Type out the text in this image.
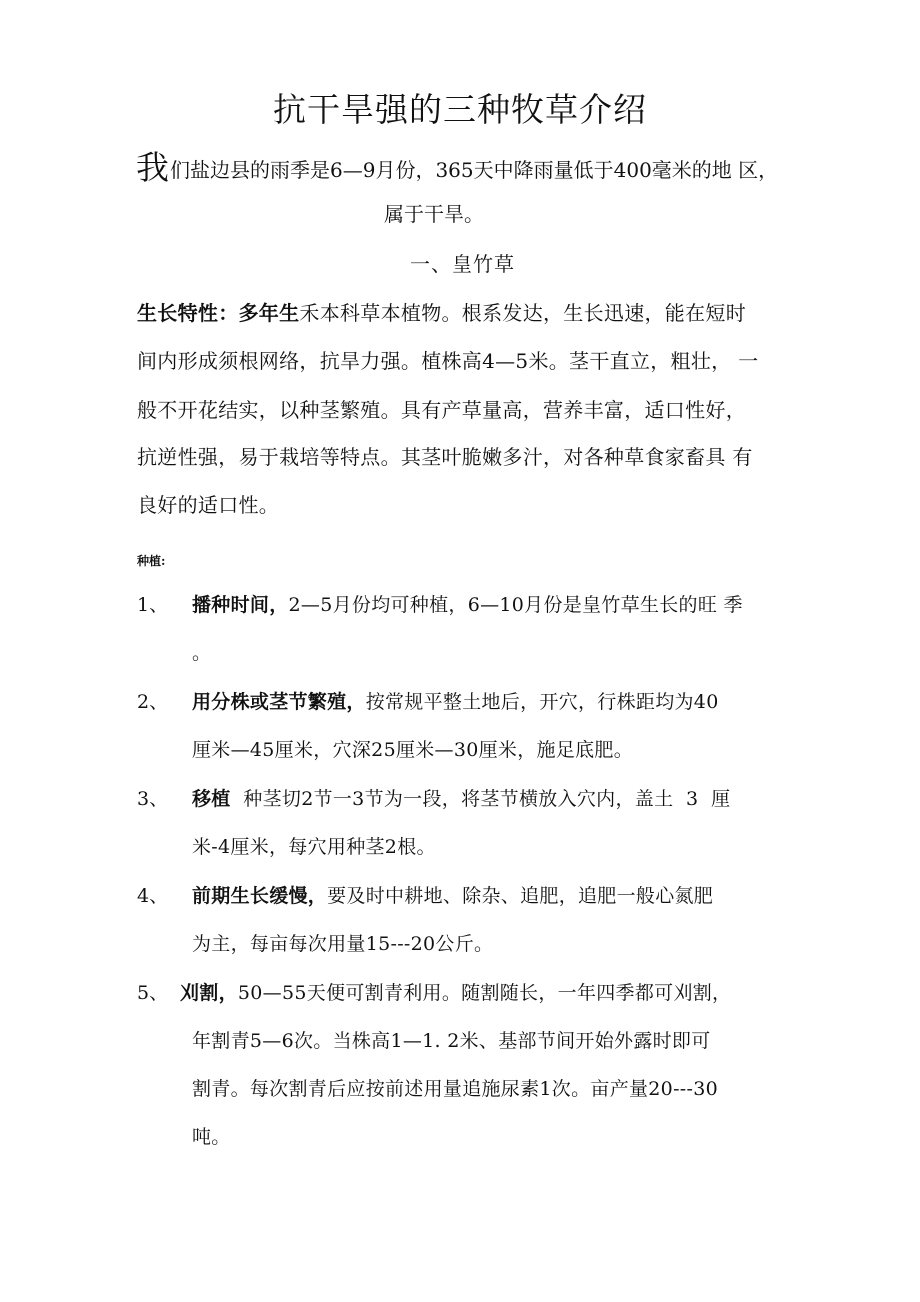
抗干旱强的三种牧草介绍
我们盐边县的雨季是6—9月份，365天中降雨量低于400毫米的地 区，
属于干旱。
一、皇竹草
生长特性：多年生禾本科草本植物。根系发达，生长迅速，能在短时
间内形成须根网络，抗旱力强。植株高4—5米。茎干直立，粗壮， 一
般不开花结实，以种茎繁殖。具有产草量高，营养丰富，适口性好，
抗逆性强，易于栽培等特点。其茎叶脆嫩多汁，对各种草食家畜具 有
良好的适口性。
种植:
1、 播种时间，2—5月份均可种植，6—10月份是皇竹草生长的旺 季
。
2、 用分株或茎节繁殖，按常规平整土地后，开穴，行株距均为40
厘米—45厘米，穴深25厘米—30厘米，施足底肥。
3、 移植  种茎切2节一3节为一段，将茎节横放入穴内，盖土  3  厘
米-4厘米，每穴用种茎2根。
4、 前期生长缓慢，要及时中耕地、除杂、追肥，追肥一般心氮肥
为主，每亩每次用量15---20公斤。
5、 刈割，50—55天便可割青利用。随割随长，一年四季都可刈割，
年割青5—6次。当株高1—1. 2米、基部节间开始外露时即可
割青。每次割青后应按前述用量追施尿素1次。亩产量20---30
吨。
